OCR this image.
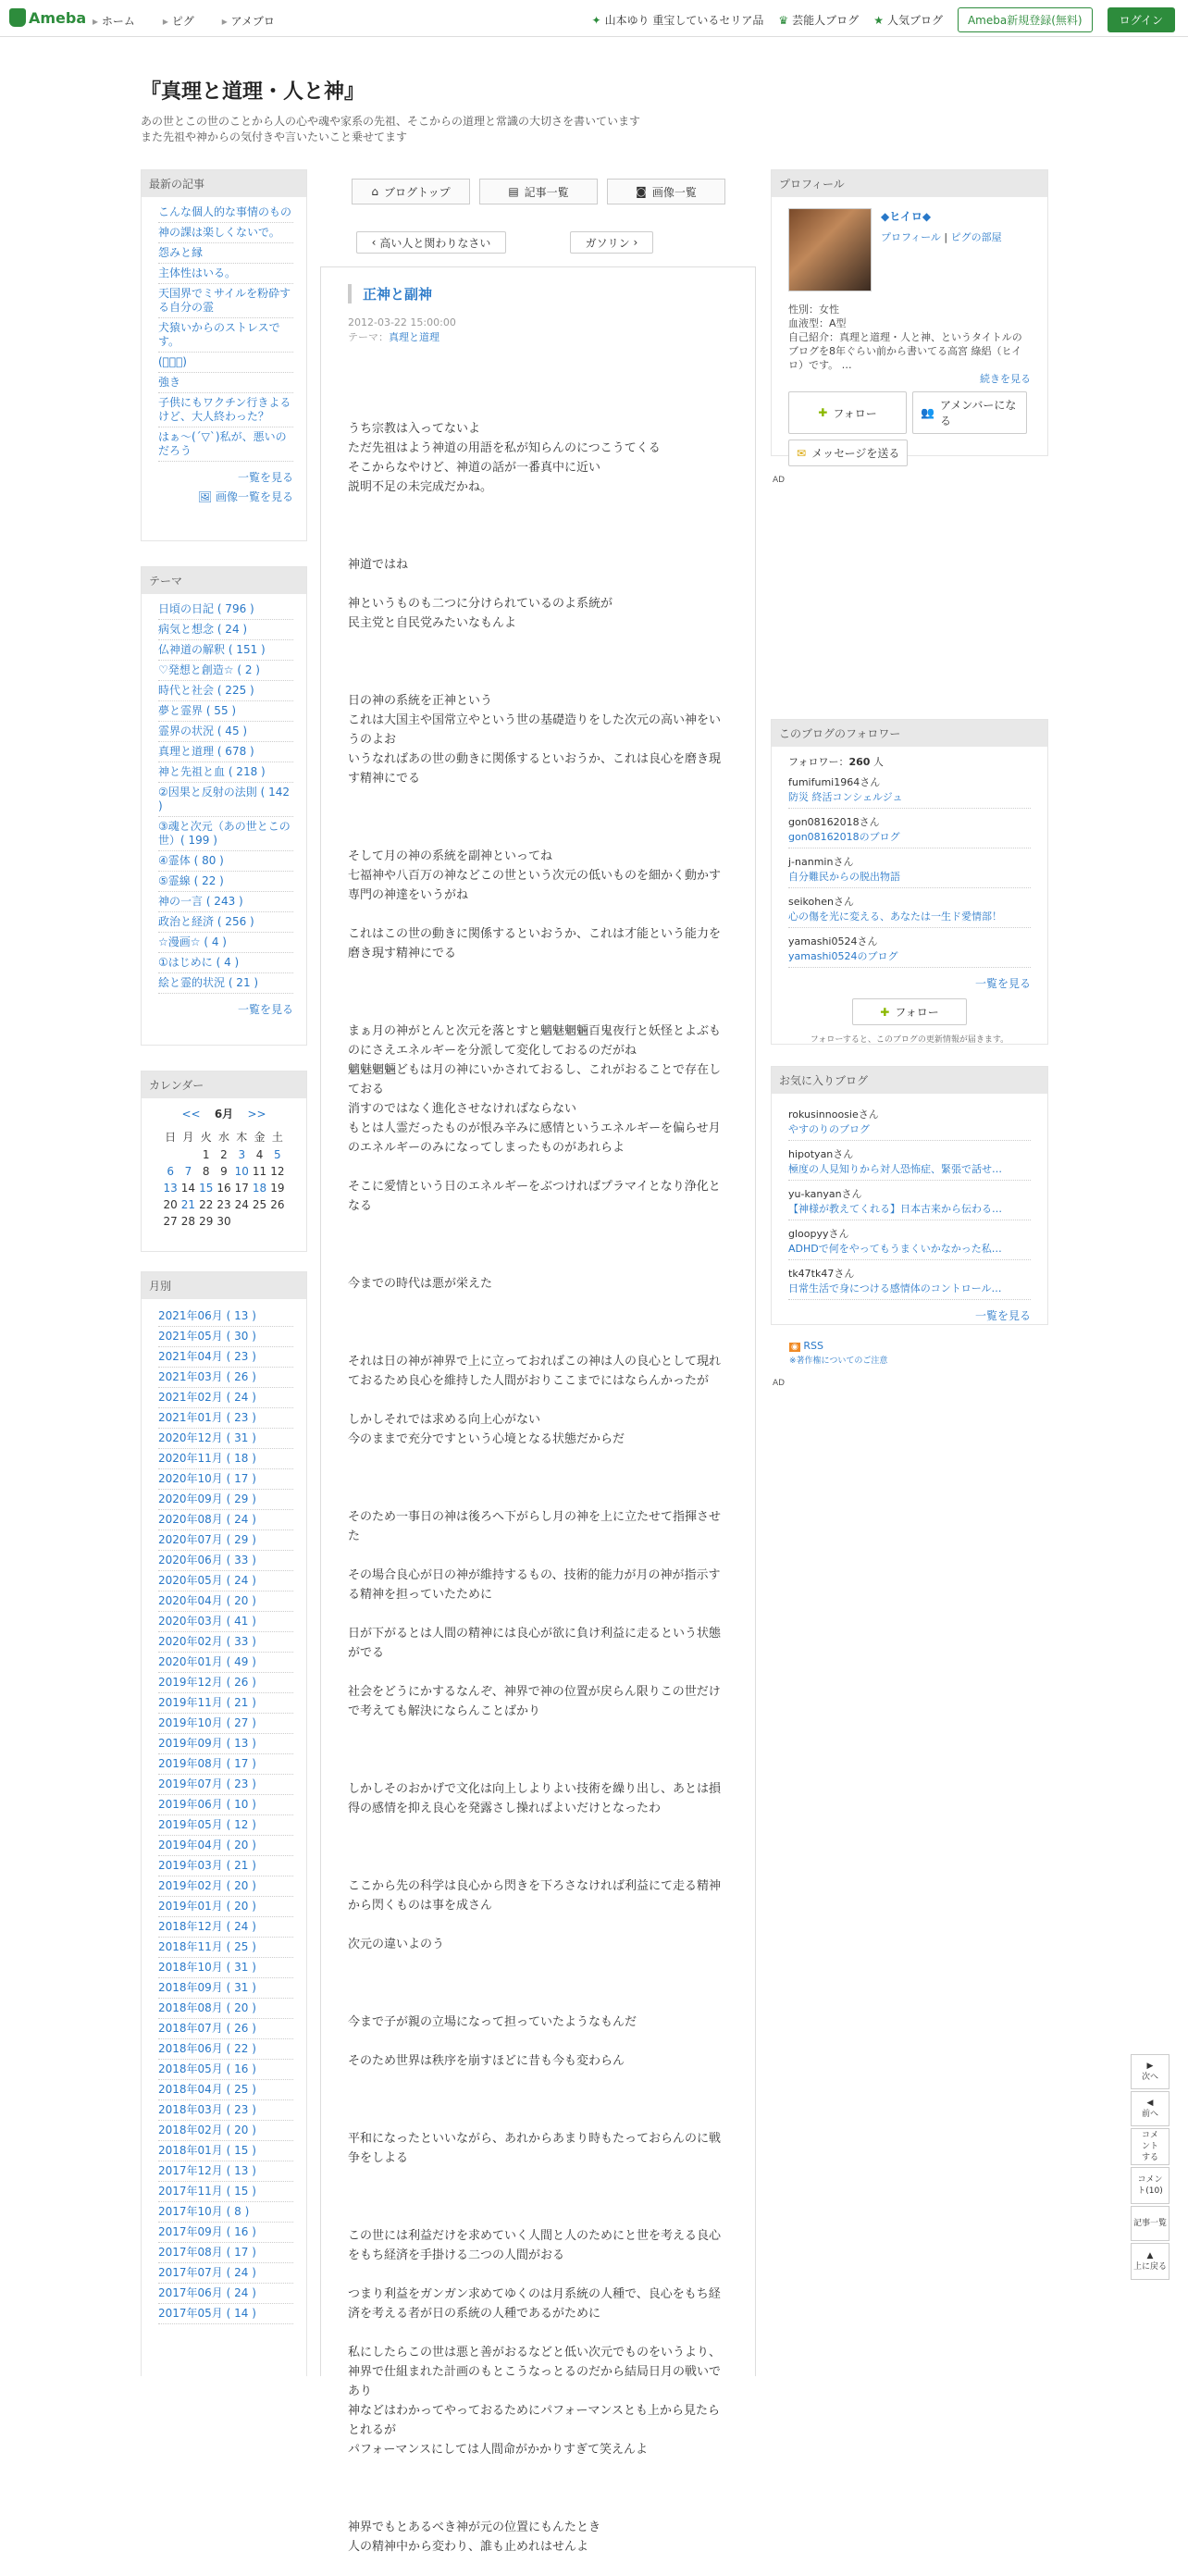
Ameba	▸ ホーム	▸ ピグ	▸ アメブロ	✦ 山本ゆり 重宝しているセリア品 ♛ 芸能人ブログ ★ 人気ブログ	Ameba新規登録(無料)	ログイン
『真理と道理・人と神』
あの世とこの世のことから人の心や魂や家系の先祖、そこからの道理と常識の大切さを書いています
また先祖や神からの気付きや言いたいこと乗せてます
最新の記事
こんな個人的な事情のもの
神の課は楽しくないで。
怨みと縁
主体性はいる。
天国界でミサイルを粉砕する自分の霊
犬猿いからのストレスです。
(ﾟｰﾟ)
強き
子供にもワクチン行きよるけど、大人終わった？
はぁ〜(´▽`)私が、悪いのだろう
一覧を見る
🖼 画像一覧を見る
テーマ
日頃の日記 ( 796 )
病気と想念 ( 24 )
仏神道の解釈 ( 151 )
♡発想と創造☆ ( 2 )
時代と社会 ( 225 )
夢と霊界 ( 55 )
霊界の状況 ( 45 )
真理と道理 ( 678 )
神と先祖と血 ( 218 )
②因果と反射の法則 ( 142 )
③魂と次元（あの世とこの世）( 199 )
④霊体 ( 80 )
⑤霊線 ( 22 )
神の一言 ( 243 )
政治と経済 ( 256 )
☆漫画☆ ( 4 )
①はじめに ( 4 )
絵と霊的状況 ( 21 )
一覧を見る
カレンダー
<< 6月 >>
日	月	火	水	木	金	土
		1	2	3	4	5
6	7	8	9	10	11	12
13	14	15	16	17	18	19
20	21	22	23	24	25	26
27	28	29	30			
月別
2021年06月 ( 13 )
2021年05月 ( 30 )
2021年04月 ( 23 )
2021年03月 ( 26 )
2021年02月 ( 24 )
2021年01月 ( 23 )
2020年12月 ( 31 )
2020年11月 ( 18 )
2020年10月 ( 17 )
2020年09月 ( 29 )
2020年08月 ( 24 )
2020年07月 ( 29 )
2020年06月 ( 33 )
2020年05月 ( 24 )
2020年04月 ( 20 )
2020年03月 ( 41 )
2020年02月 ( 33 )
2020年01月 ( 49 )
2019年12月 ( 26 )
2019年11月 ( 21 )
2019年10月 ( 27 )
2019年09月 ( 13 )
2019年08月 ( 17 )
2019年07月 ( 23 )
2019年06月 ( 10 )
2019年05月 ( 12 )
2019年04月 ( 20 )
2019年03月 ( 21 )
2019年02月 ( 20 )
2019年01月 ( 20 )
2018年12月 ( 24 )
2018年11月 ( 25 )
2018年10月 ( 31 )
2018年09月 ( 31 )
2018年08月 ( 20 )
2018年07月 ( 26 )
2018年06月 ( 22 )
2018年05月 ( 16 )
2018年04月 ( 25 )
2018年03月 ( 23 )
2018年02月 ( 20 )
2018年01月 ( 15 )
2017年12月 ( 13 )
2017年11月 ( 15 )
2017年10月 ( 8 )
2017年09月 ( 16 )
2017年08月 ( 17 )
2017年07月 ( 24 )
2017年06月 ( 24 )
2017年05月 ( 14 )
⌂ ブログトップ	▤ 記事一覧	◙ 画像一覧
‹
高い人と関わりなさい	ガソリン
›
正神と副神
2012-03-22 15:00:00
テーマ：真理と道理

うち宗教は入ってないよ
ただ先祖はよう神道の用語を私が知らんのにつこうてくる
そこからなやけど、神道の話が一番真中に近い
説明不足の未完成だかね。

神道ではね

神というものも二つに分けられているのよ系統が
民主党と自民党みたいなもんよ

日の神の系統を正神という
これは大国主や国常立やという世の基礎造りをした次元の高い神をいうのよお
いうなればあの世の動きに関係するといおうか、これは良心を磨き現す精神にでる

そして月の神の系統を副神といってね
七福神や八百万の神などこの世という次元の低いものを細かく動かす専門の神達をいうがね

これはこの世の動きに関係するといおうか、これは才能という能力を磨き現す精神にでる

まぁ月の神がとんと次元を落とすと魑魅魍魎百鬼夜行と妖怪とよぶものにさえエネルギーを分派して変化しておるのだがね
魑魅魍魎どもは月の神にいかされておるし、これがおることで存在しておる
消すのではなく進化させなければならない
もとは人霊だったものが恨み辛みに感情というエネルギーを偏らせ月のエネルギーのみになってしまったものがあれらよ

そこに愛情という日のエネルギーをぶつければプラマイとなり浄化となる

今までの時代は悪が栄えた

それは日の神が神界で上に立っておればこの神は人の良心として現れておるため良心を維持した人間がおりここまでにはならんかったが

しかしそれでは求める向上心がない
今のままで充分ですという心境となる状態だからだ

そのため一事日の神は後ろへ下がらし月の神を上に立たせて指揮させた

その場合良心が日の神が維持するもの、技術的能力が月の神が指示する精神を担っていたために

日が下がるとは人間の精神には良心が欲に負け利益に走るという状態がでる

社会をどうにかするなんぞ、神界で神の位置が戻らん限りこの世だけで考えても解決にならんことばかり

しかしそのおかげで文化は向上しよりよい技術を繰り出し、あとは損得の感情を抑え良心を発露さし操ればよいだけとなったわ

ここから先の科学は良心から閃きを下ろさなければ利益にて走る精神から閃くものは事を成さん

次元の違いよのう

今まで子が親の立場になって担っていたようなもんだ

そのため世界は秩序を崩すほどに昔も今も変わらん

平和になったといいながら、あれからあまり時もたっておらんのに戦争をしよる

この世には利益だけを求めていく人間と人のためにと世を考える良心をもち経済を手掛ける二つの人間がおる

つまり利益をガンガン求めてゆくのは月系統の人種で、良心をもち経済を考える者が日の系統の人種であるがために

私にしたらこの世は悪と善がおるなどと低い次元でものをいうより、神界で仕組まれた計画のもとこうなっとるのだから結局日月の戦いであり
神などはわかってやっておるためにパフォーマンスとも上から見たらとれるが
パフォーマンスにしては人間命がかかりすぎて笑えんよ

神界でもとあるべき神が元の位置にもんたとき
人の精神中から変わり、誰も止めれはせんよ

プロフィール
◆ヒイロ◆
プロフィール | ピグの部屋
性別：女性
血液型：A型
自己紹介：真理と道理・人と神、というタイトルのブログを8年ぐらい前から書いてる高宮 綠絽（ヒイロ）です。 …
続きを見る
✚ フォロー	👥
アメンバーになる
✉ メッセージを送る
AD
このブログのフォロワー
フォロワー：260 人
fumifumi1964さん
防災 終活コンシェルジュ
gon08162018さん
gon08162018のブログ
j-nanminさん
自分難民からの脱出物語
seikohenさん
心の傷を光に変える、あなたは一生ド愛情部！
yamashi0524さん
yamashi0524のブログ
一覧を見る
✚ フォロー
フォローすると、このブログの更新情報が届きます。
お気に入りブログ
rokusinnoosieさん
やすのりのブログ
hipotyanさん
極度の人見知りから対人恐怖症、緊張で話せ…
yu-kanyanさん
【神様が教えてくれる】日本古来から伝わる…
gloopyyさん
ADHDで何をやってもうまくいかなかった私…
tk47tk47さん
日常生活で身につける感情体のコントロール…
一覧を見る
◉ RSS
※著作権についてのご注意
AD
▶
次へ
◀
前へ
コメントする
コメント(10)
記事一覧
▲
上に戻る
